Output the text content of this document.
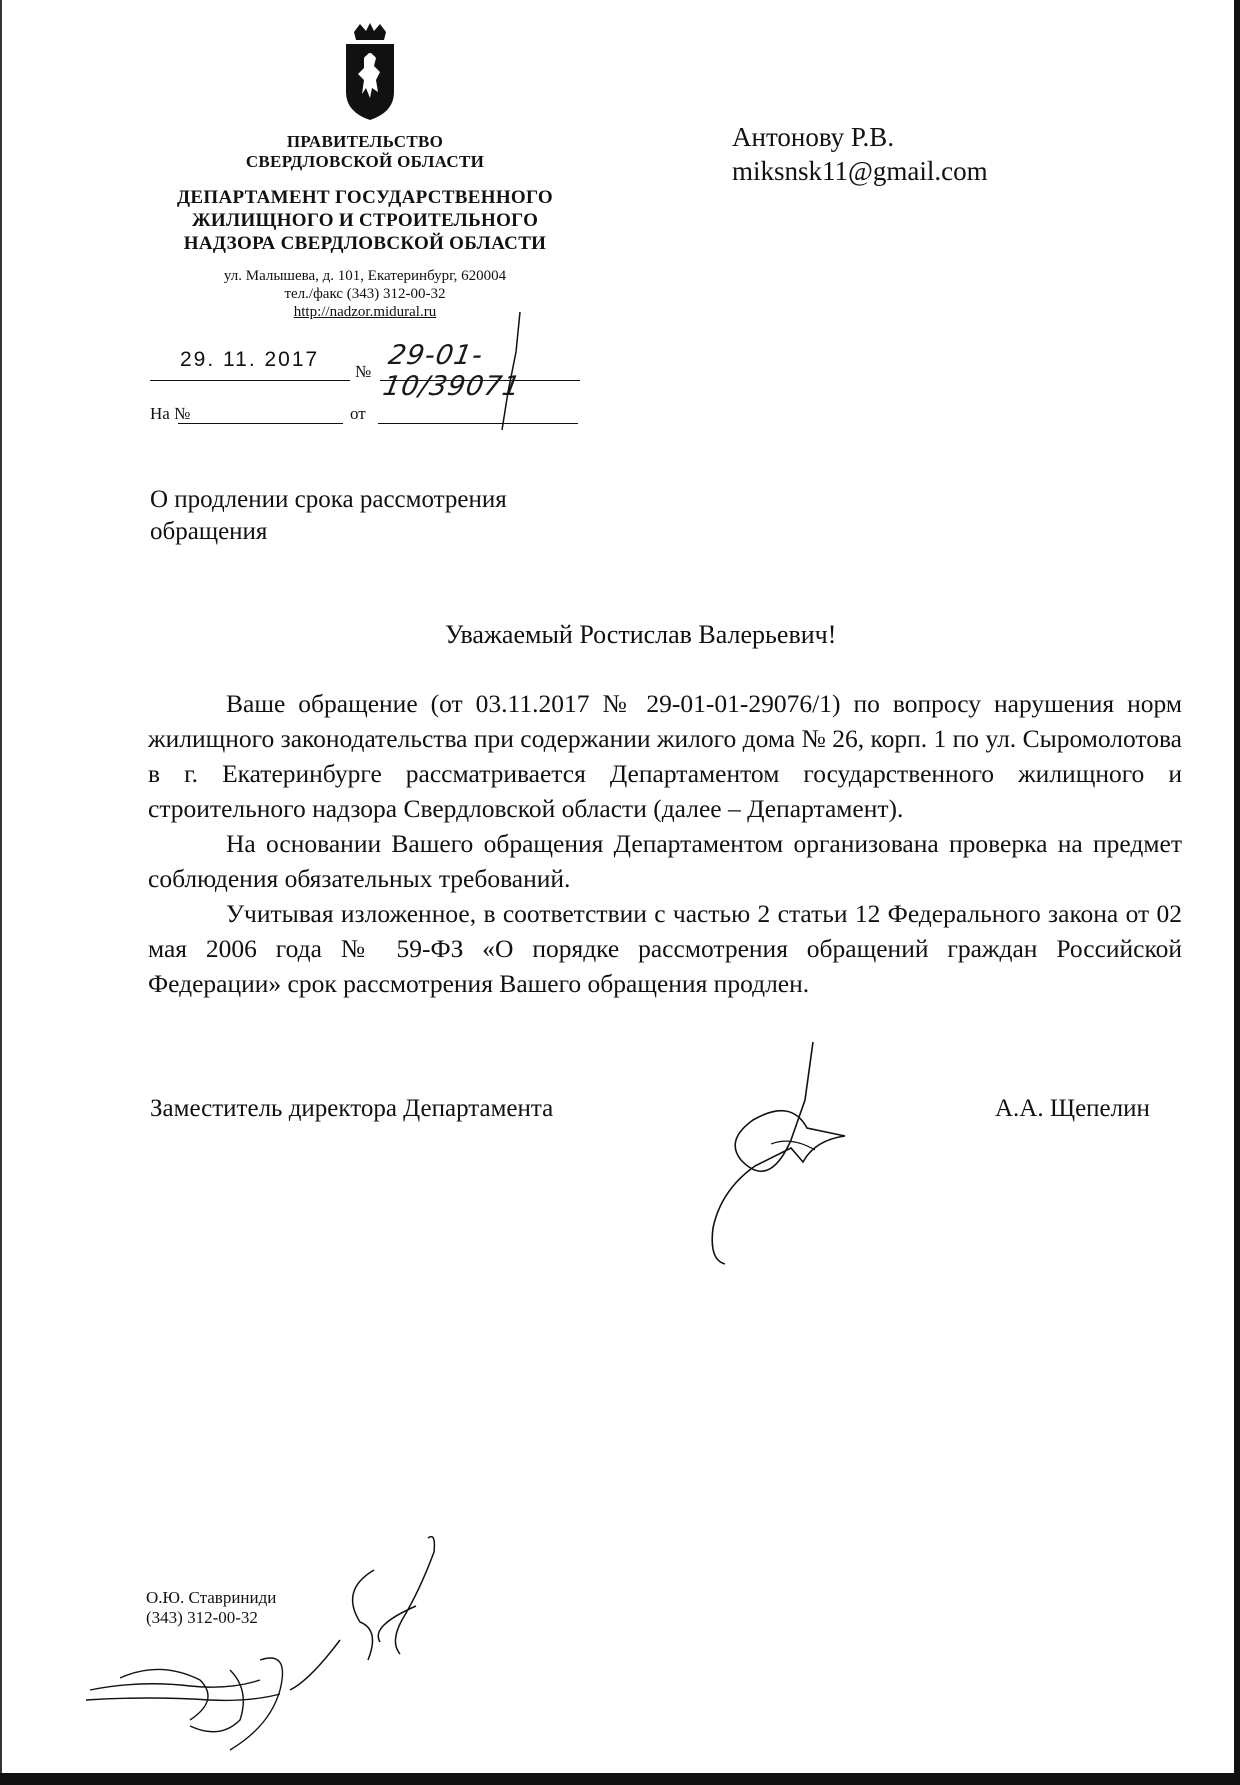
ПРАВИТЕЛЬСТВО
СВЕРДЛОВСКОЙ ОБЛАСТИ
ДЕПАРТАМЕНТ ГОСУДАРСТВЕННОГО
ЖИЛИЩНОГО И СТРОИТЕЛЬНОГО
НАДЗОРА СВЕРДЛОВСКОЙ ОБЛАСТИ
ул. Малышева, д. 101, Екатеринбург, 620004
тел./факс (343) 312-00-32
http://nadzor.midural.ru
29. 11. 2017
№
29-01-10/39071
На №	от
Антонову Р.В.
miksnsk11@gmail.com
О продлении срока рассмотрения обращения
Уважаемый Ростислав Валерьевич!

Ваше обращение (от 03.11.2017 № 29-01-01-29076/1) по вопросу нарушения норм жилищного законодательства при содержании жилого дома № 26, корп. 1 по ул. Сыромолотова в г. Екатеринбурге рассматривается Департаментом государственного жилищного и строительного надзора Свердловской области (далее – Департамент).

На основании Вашего обращения Департаментом организована проверка на предмет соблюдения обязательных требований.

Учитывая изложенное, в соответствии с частью 2 статьи 12 Федерального закона от 02 мая 2006 года № 59-ФЗ «О порядке рассмотрения обращений граждан Российской Федерации» срок рассмотрения Вашего обращения продлен.

Заместитель директора Департамента	А.А. Щепелин
О.Ю. Ставриниди
(343) 312-00-32
